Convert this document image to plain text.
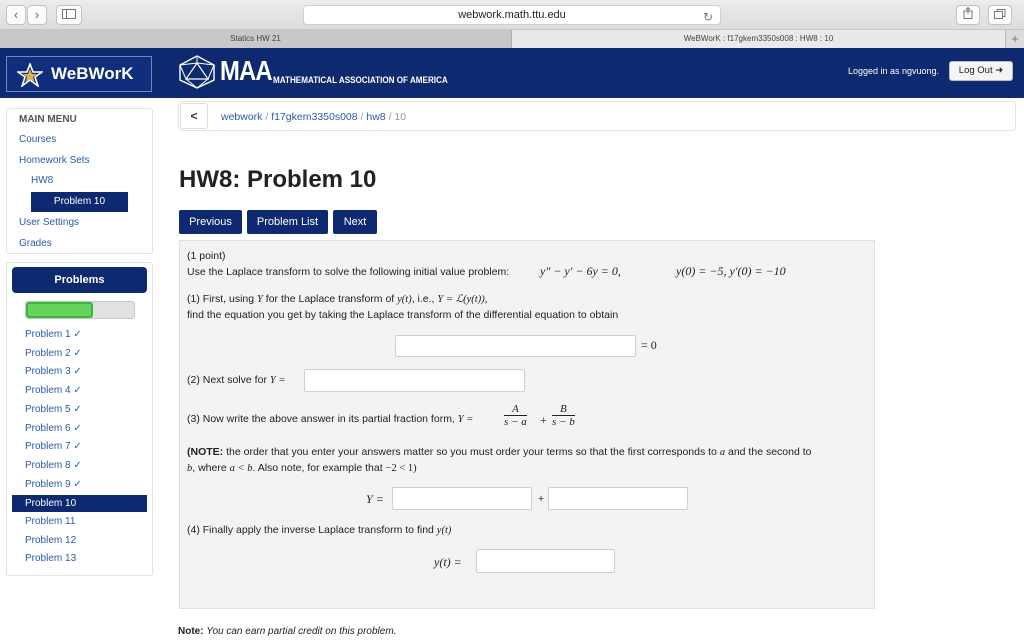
‹	›	webwork.math.ttu.edu	↻
Statics HW 21	WeBWorK : f17gkem3350s008 : HW8 : 10	+
WeBWorK	MAA MATHEMATICAL ASSOCIATION OF AMERICA
Logged in as ngvuong.	Log Out ➜
MAIN MENU
Courses
Homework Sets
HW8
Problem 10
User Settings
Grades
Problems
Problem 1 ✓
Problem 2 ✓
Problem 3 ✓
Problem 4 ✓
Problem 5 ✓
Problem 6 ✓
Problem 7 ✓
Problem 8 ✓
Problem 9 ✓
Problem 10
Problem 11
Problem 12
Problem 13
<	webwork / f17gkem3350s008 / hw8 / 10
HW8: Problem 10
Previous	Problem List	Next
(1 point)
Use the Laplace transform to solve the following initial value problem:	y″ − y′ − 6y = 0,	y(0) = −5, y′(0) = −10
(1) First, using Y for the Laplace transform of y(t), i.e., Y = ℒ(y(t)),
find the equation you get by taking the Laplace transform of the differential equation to obtain
= 0
(2) Next solve for Y =
(3) Now write the above answer in its partial fraction form, Y =	$\frac{A}{s - a} + \frac{B}{s - b}$
(NOTE: the order that you enter your answers matter so you must order your terms so that the first corresponds to a and the second to
b, where a < b. Also note, for example that −2 < 1)
Y =	+
(4) Finally apply the inverse Laplace transform to find y(t)
y(t) =
Note: You can earn partial credit on this problem.
